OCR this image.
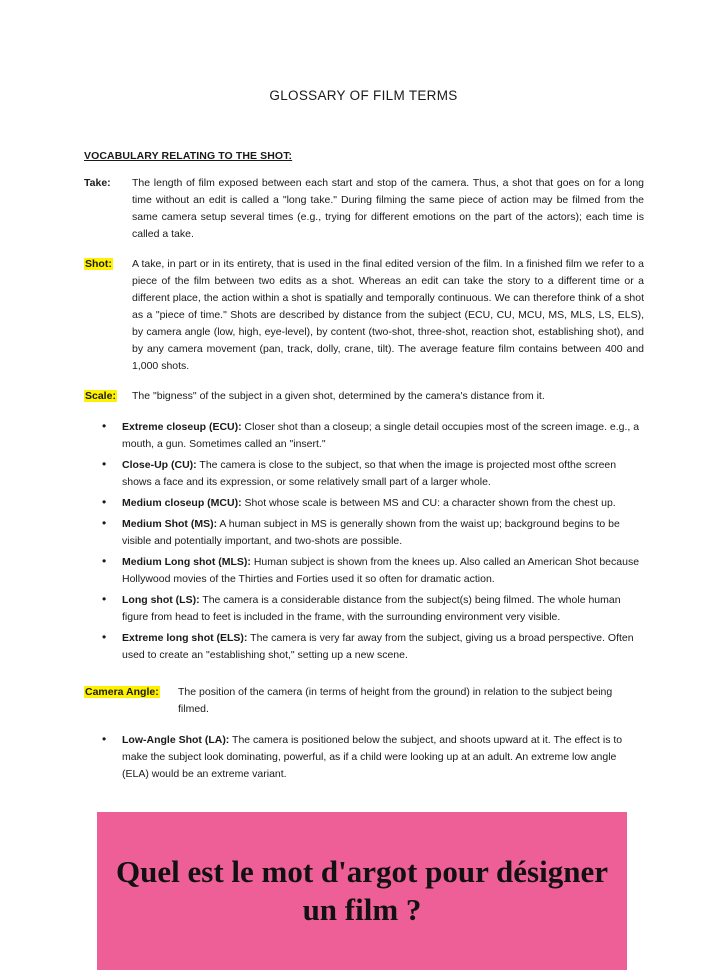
GLOSSARY OF FILM TERMS
VOCABULARY RELATING TO THE SHOT:
Take:	The length of film exposed between each start and stop of the camera. Thus, a shot that goes on for a long time without an edit is called a "long take." During filming the same piece of action may be filmed from the same camera setup several times (e.g., trying for different emotions on the part of the actors); each time is called a take.
Shot:	A take, in part or in its entirety, that is used in the final edited version of the film. In a finished film we refer to a piece of the film between two edits as a shot. Whereas an edit can take the story to a different time or a different place, the action within a shot is spatially and temporally continuous. We can therefore think of a shot as a "piece of time." Shots are described by distance from the subject (ECU, CU, MCU, MS, MLS, LS, ELS), by camera angle (low, high, eye-level), by content (two-shot, three-shot, reaction shot, establishing shot), and by any camera movement (pan, track, dolly, crane, tilt). The average feature film contains between 400 and 1,000 shots.
Scale:	The "bigness" of the subject in a given shot, determined by the camera's distance from it.
• Extreme closeup (ECU): Closer shot than a closeup; a single detail occupies most of the screen image. e.g., a mouth, a gun. Sometimes called an "insert."
• Close-Up (CU): The camera is close to the subject, so that when the image is projected most ofthe screen shows a face and its expression, or some relatively small part of a larger whole.
• Medium closeup (MCU): Shot whose scale is between MS and CU: a character shown from the chest up.
• Medium Shot (MS): A human subject in MS is generally shown from the waist up; background begins to be visible and potentially important, and two-shots are possible.
• Medium Long shot (MLS): Human subject is shown from the knees up. Also called an American Shot because Hollywood movies of the Thirties and Forties used it so often for dramatic action.
• Long shot (LS): The camera is a considerable distance from the subject(s) being filmed. The whole human figure from head to feet is included in the frame, with the surrounding environment very visible.
• Extreme long shot (ELS): The camera is very far away from the subject, giving us a broad perspective. Often used to create an "establishing shot," setting up a new scene.
Camera Angle:	The position of the camera (in terms of height from the ground) in relation to the subject being filmed.
• Low-Angle Shot (LA): The camera is positioned below the subject, and shoots upward at it. The effect is to make the subject look dominating, powerful, as if a child were looking up at an adult. An extreme low angle (ELA) would be an extreme variant.
Quel est le mot d'argot pour désigner un film ?
